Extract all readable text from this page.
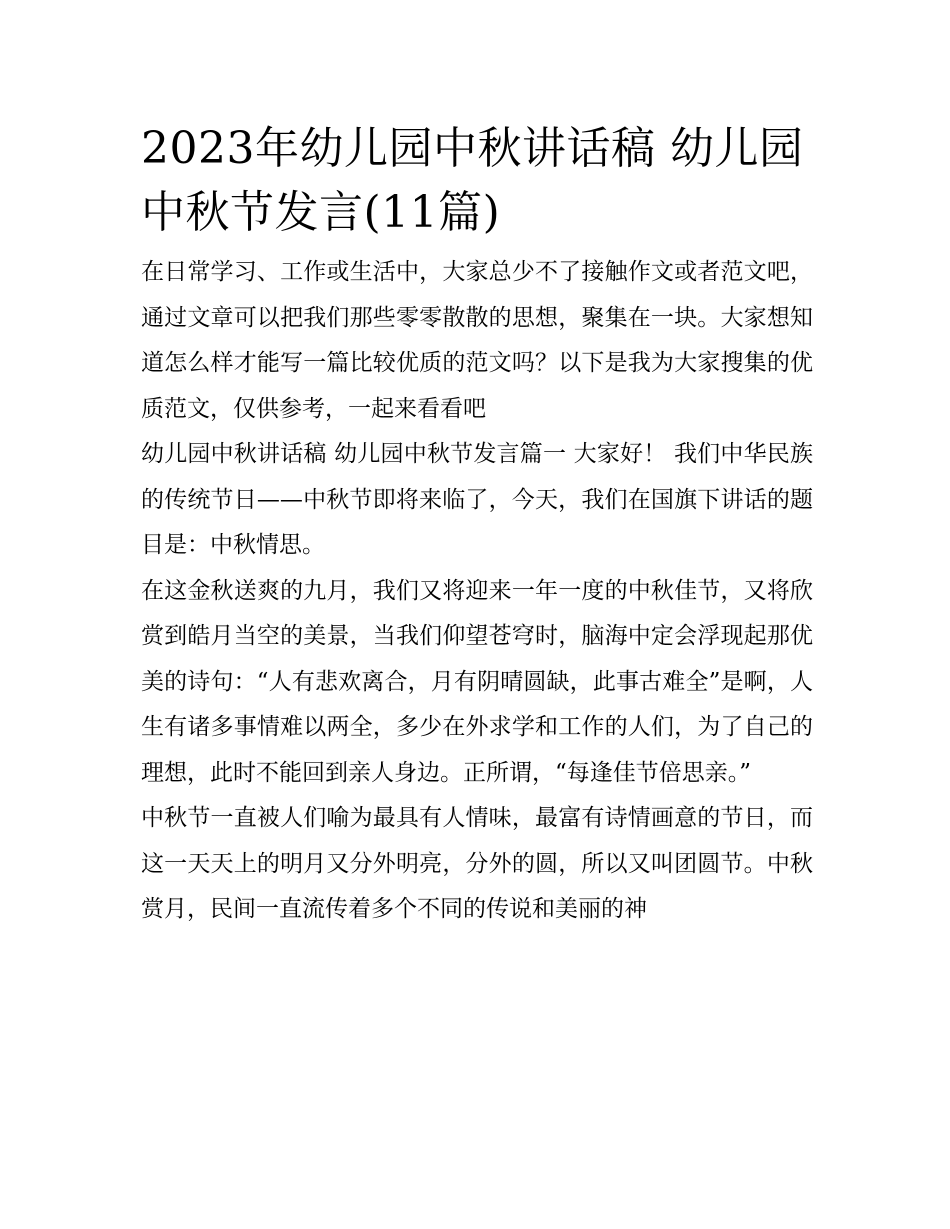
2023年幼儿园中秋讲话稿 幼儿园中秋节发言(11篇)

在日常学习、工作或生活中，大家总少不了接触作文或者范文吧，通过文章可以把我们那些零零散散的思想，聚集在一块。大家想知道怎么样才能写一篇比较优质的范文吗？以下是我为大家搜集的优质范文，仅供参考，一起来看看吧

幼儿园中秋讲话稿 幼儿园中秋节发言篇一 大家好！ 我们中华民族的传统节日——中秋节即将来临了，今天，我们在国旗下讲话的题目是：中秋情思。

在这金秋送爽的九月，我们又将迎来一年一度的中秋佳节，又将欣赏到皓月当空的美景，当我们仰望苍穹时，脑海中定会浮现起那优美的诗句：“人有悲欢离合，月有阴晴圆缺，此事古难全”是啊，人生有诸多事情难以两全，多少在外求学和工作的人们，为了自己的理想，此时不能回到亲人身边。正所谓，“每逢佳节倍思亲。”

中秋节一直被人们喻为最具有人情味，最富有诗情画意的节日，而这一天天上的明月又分外明亮，分外的圆，所以又叫团圆节。中秋赏月，民间一直流传着多个不同的传说和美丽的神
